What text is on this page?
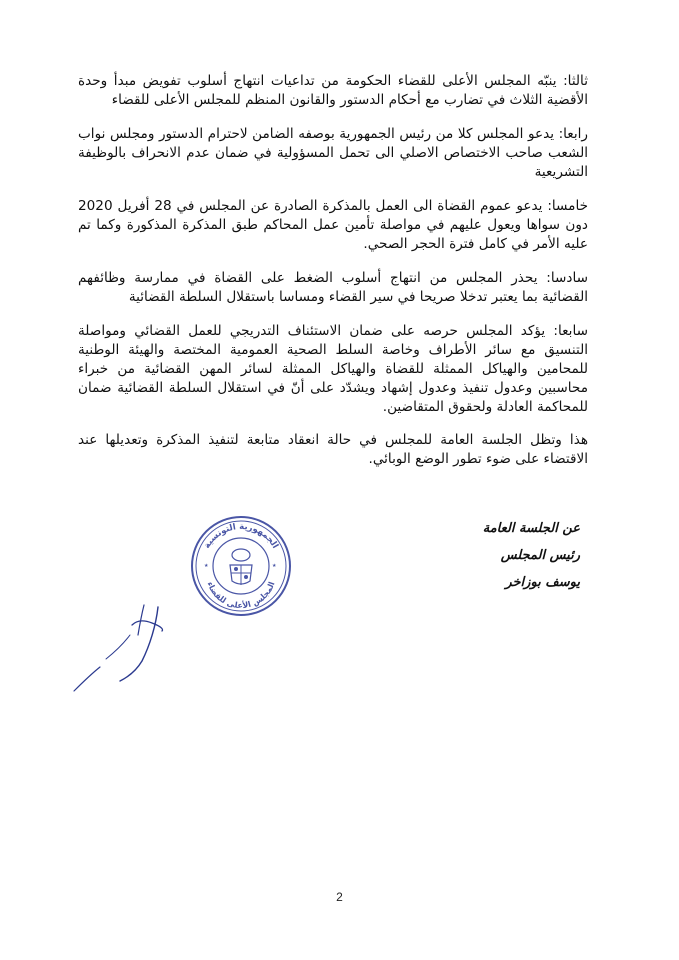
ثالثا: ينبّه المجلس الأعلى للقضاء الحكومة من تداعيات انتهاج أسلوب تفويض مبدأ وحدة الأقضية الثلاث في تضارب مع أحكام الدستور والقانون المنظم للمجلس الأعلى للقضاء

رابعا: يدعو المجلس كلا من رئيس الجمهورية بوصفه الضامن لاحترام الدستور ومجلس نواب الشعب صاحب الاختصاص الاصلي الى تحمل المسؤولية في ضمان عدم الانحراف بالوظيفة التشريعية

خامسا: يدعو عموم القضاة الى العمل بالمذكرة الصادرة عن المجلس في 28 أفريل 2020 دون سواها ويعول عليهم في مواصلة تأمين عمل المحاكم طبق المذكرة المذكورة وكما تم عليه الأمر في كامل فترة الحجر الصحي.

سادسا: يحذر المجلس من انتهاج أسلوب الضغط على القضاة في ممارسة وظائفهم القضائية بما يعتبر تدخلا صريحا في سير القضاء ومساسا باستقلال السلطة القضائية

سابعا: يؤكد المجلس حرصه على ضمان الاستئناف التدريجي للعمل القضائي ومواصلة التنسيق مع سائر الأطراف وخاصة السلط الصحية العمومية المختصة والهيئة الوطنية للمحامين والهياكل الممثلة للقضاة والهياكل الممثلة لسائر المهن القضائية من خبراء محاسبين وعدول تنفيذ وعدول إشهاد ويشدّد على أنّ في استقلال السلطة القضائية ضمان للمحاكمة العادلة ولحقوق المتقاضين.

هذا وتظل الجلسة العامة للمجلس في حالة انعقاد متابعة لتنفيذ المذكرة وتعديلها عند الاقتضاء على ضوء تطور الوضع الوبائي.

عن الجلسة العامة
رئيس المجلس
يوسف بوزاخر
★	★
الجمهورية التونسية
المجلس الأعلى للقضاء
2
